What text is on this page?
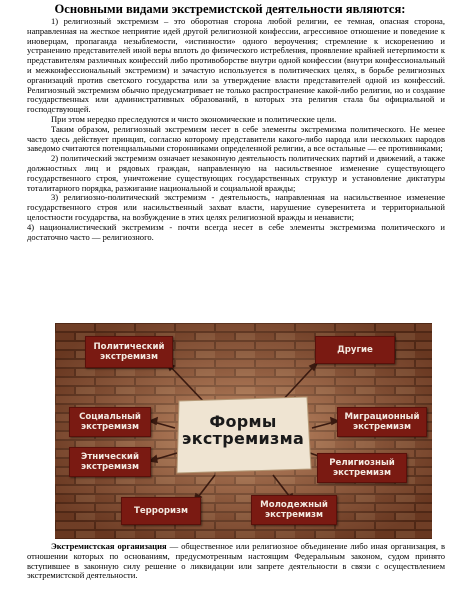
Основными видами экстремистской деятельности являются:

1) религиозный экстремизм – это оборотная сторона любой религии, ее темная, опасная сторона, направленная на жесткое неприятие идей другой религиозной конфессии, агрессивное отношение и поведение к иноверцам, пропаганда незыблемости, «истинности» одного вероучения; стремление к искоренению и устранению представителей иной веры вплоть до физического истребления, проявление крайней нетерпимости к представителям различных конфессий либо противоборстве внутри одной конфессии (внутри конфессиональный и межконфессиональный экстремизм) и зачастую используется в политических целях, в борьбе религиозных организаций против светского государства или за утверждение власти представителей одной из конфессий. Религиозный экстремизм обычно предусматривает не только распространение какой-либо религии, но и создание государственных или административных образований, в которых эта религия стала бы официальной и господствующей.

При этом нередко преследуются и чисто экономические и политические цели.

Таким образом, религиозный экстремизм несет в себе элементы экстремизма политического. Не менее часто здесь действует принцип, согласно которому представители какого-либо народа или нескольких народов заведомо считаются потенциальными сторонниками определенной религии, а все остальные — ее противниками;

2) политический экстремизм означает незаконную деятельность политических партий и движений, а также должностных лиц и рядовых граждан, направленную на насильственное изменение существующего государственного строя, уничтожение существующих государственных структур и установление диктатуры тоталитарного порядка, разжигание национальной и социальной вражды;

3) религиозно-политический экстремизм - деятельность, направленная на насильственное изменение государственного строя или насильственный захват власти, нарушение суверенитета и территориальной целостности государства, на возбуждение в этих целях религиозной вражды и ненависти;

4) националистический экстремизм - почти всегда несет в себе элементы экстремизма политического и достаточно часто — религиозного.

Формы
экстремизма
Политический экстремизм
Другие
Социальный экстремизм
Миграционный экстремизм
Этнический экстремизм	Религиозный экстремизм
Терроризм
Молодежный экстремизм

Экстремистская организация — общественное или религиозное объединение либо иная организация, в отношении которых по основаниям, предусмотренным настоящим Федеральным законом, судом принято вступившее в законную силу решение о ликвидации или запрете деятельности в связи с осуществлением экстремистской деятельности.
